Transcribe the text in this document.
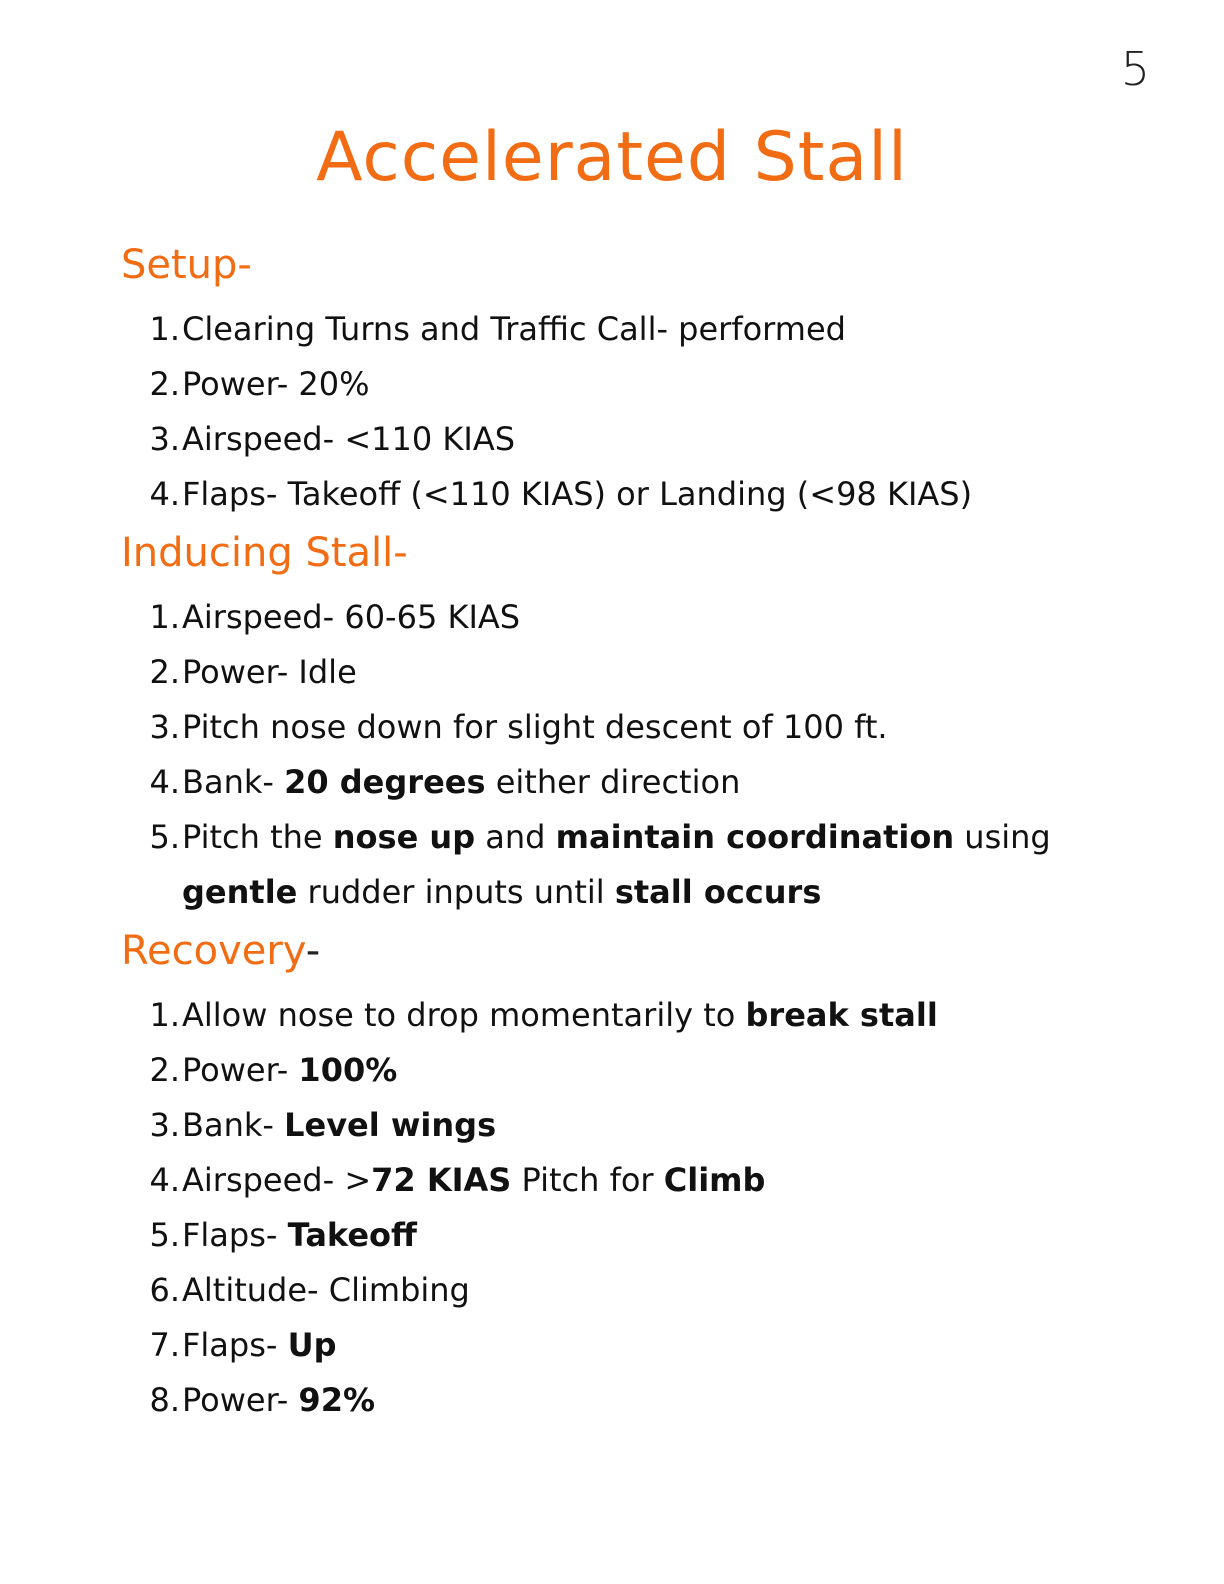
5
Accelerated Stall
Setup-
1. Clearing Turns and Traffic Call- performed
2. Power- 20%
3. Airspeed- <110 KIAS
4. Flaps- Takeoff (<110 KIAS) or Landing (<98 KIAS)
Inducing Stall-
1. Airspeed- 60-65 KIAS
2. Power- Idle
3. Pitch nose down for slight descent of 100 ft.
4. Bank- 20 degrees either direction
5. Pitch the nose up and maintain coordination using
gentle rudder inputs until stall occurs
Recovery-
1. Allow nose to drop momentarily to break stall
2. Power- 100%
3. Bank- Level wings
4. Airspeed- >72 KIAS Pitch for Climb
5. Flaps- Takeoff
6. Altitude- Climbing
7. Flaps- Up
8. Power- 92%
